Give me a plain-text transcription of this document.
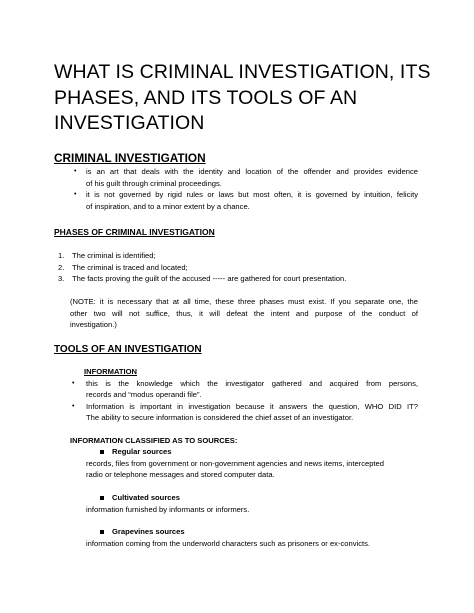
WHAT IS CRIMINAL INVESTIGATION, ITS
PHASES, AND ITS TOOLS OF AN
INVESTIGATION
CRIMINAL INVESTIGATION
• is an art that deals with the identity and location of the offender and provides evidence
of his guilt through criminal proceedings.
• it is not governed by rigid rules or laws but most often, it is governed by intuition, felicity
of inspiration, and to a minor extent by a chance.
PHASES OF CRIMINAL INVESTIGATION
1. The criminal is identified;
2. The criminal is traced and located;
3. The facts proving the guilt of the accused ----- are gathered for court presentation.
(NOTE: it is necessary that at all time, these three phases must exist. If you separate one, the
other two will not suffice, thus, it will defeat the intent and purpose of the conduct of
investigation.)
TOOLS OF AN INVESTIGATION
INFORMATION
• this is the knowledge which the investigator gathered and acquired from persons,
records and “modus operandi file”.
• Information is important in investigation because it answers the question, WHO DID IT?
The ability to secure information is considered the chief asset of an investigator.
INFORMATION CLASSIFIED AS TO SOURCES:
Regular sources
records, files from government or non-government agencies and news items, intercepted
radio or telephone messages and stored computer data.
Cultivated sources
information furnished by informants or informers.
Grapevines sources
information coming from the underworld characters such as prisoners or ex-convicts.
